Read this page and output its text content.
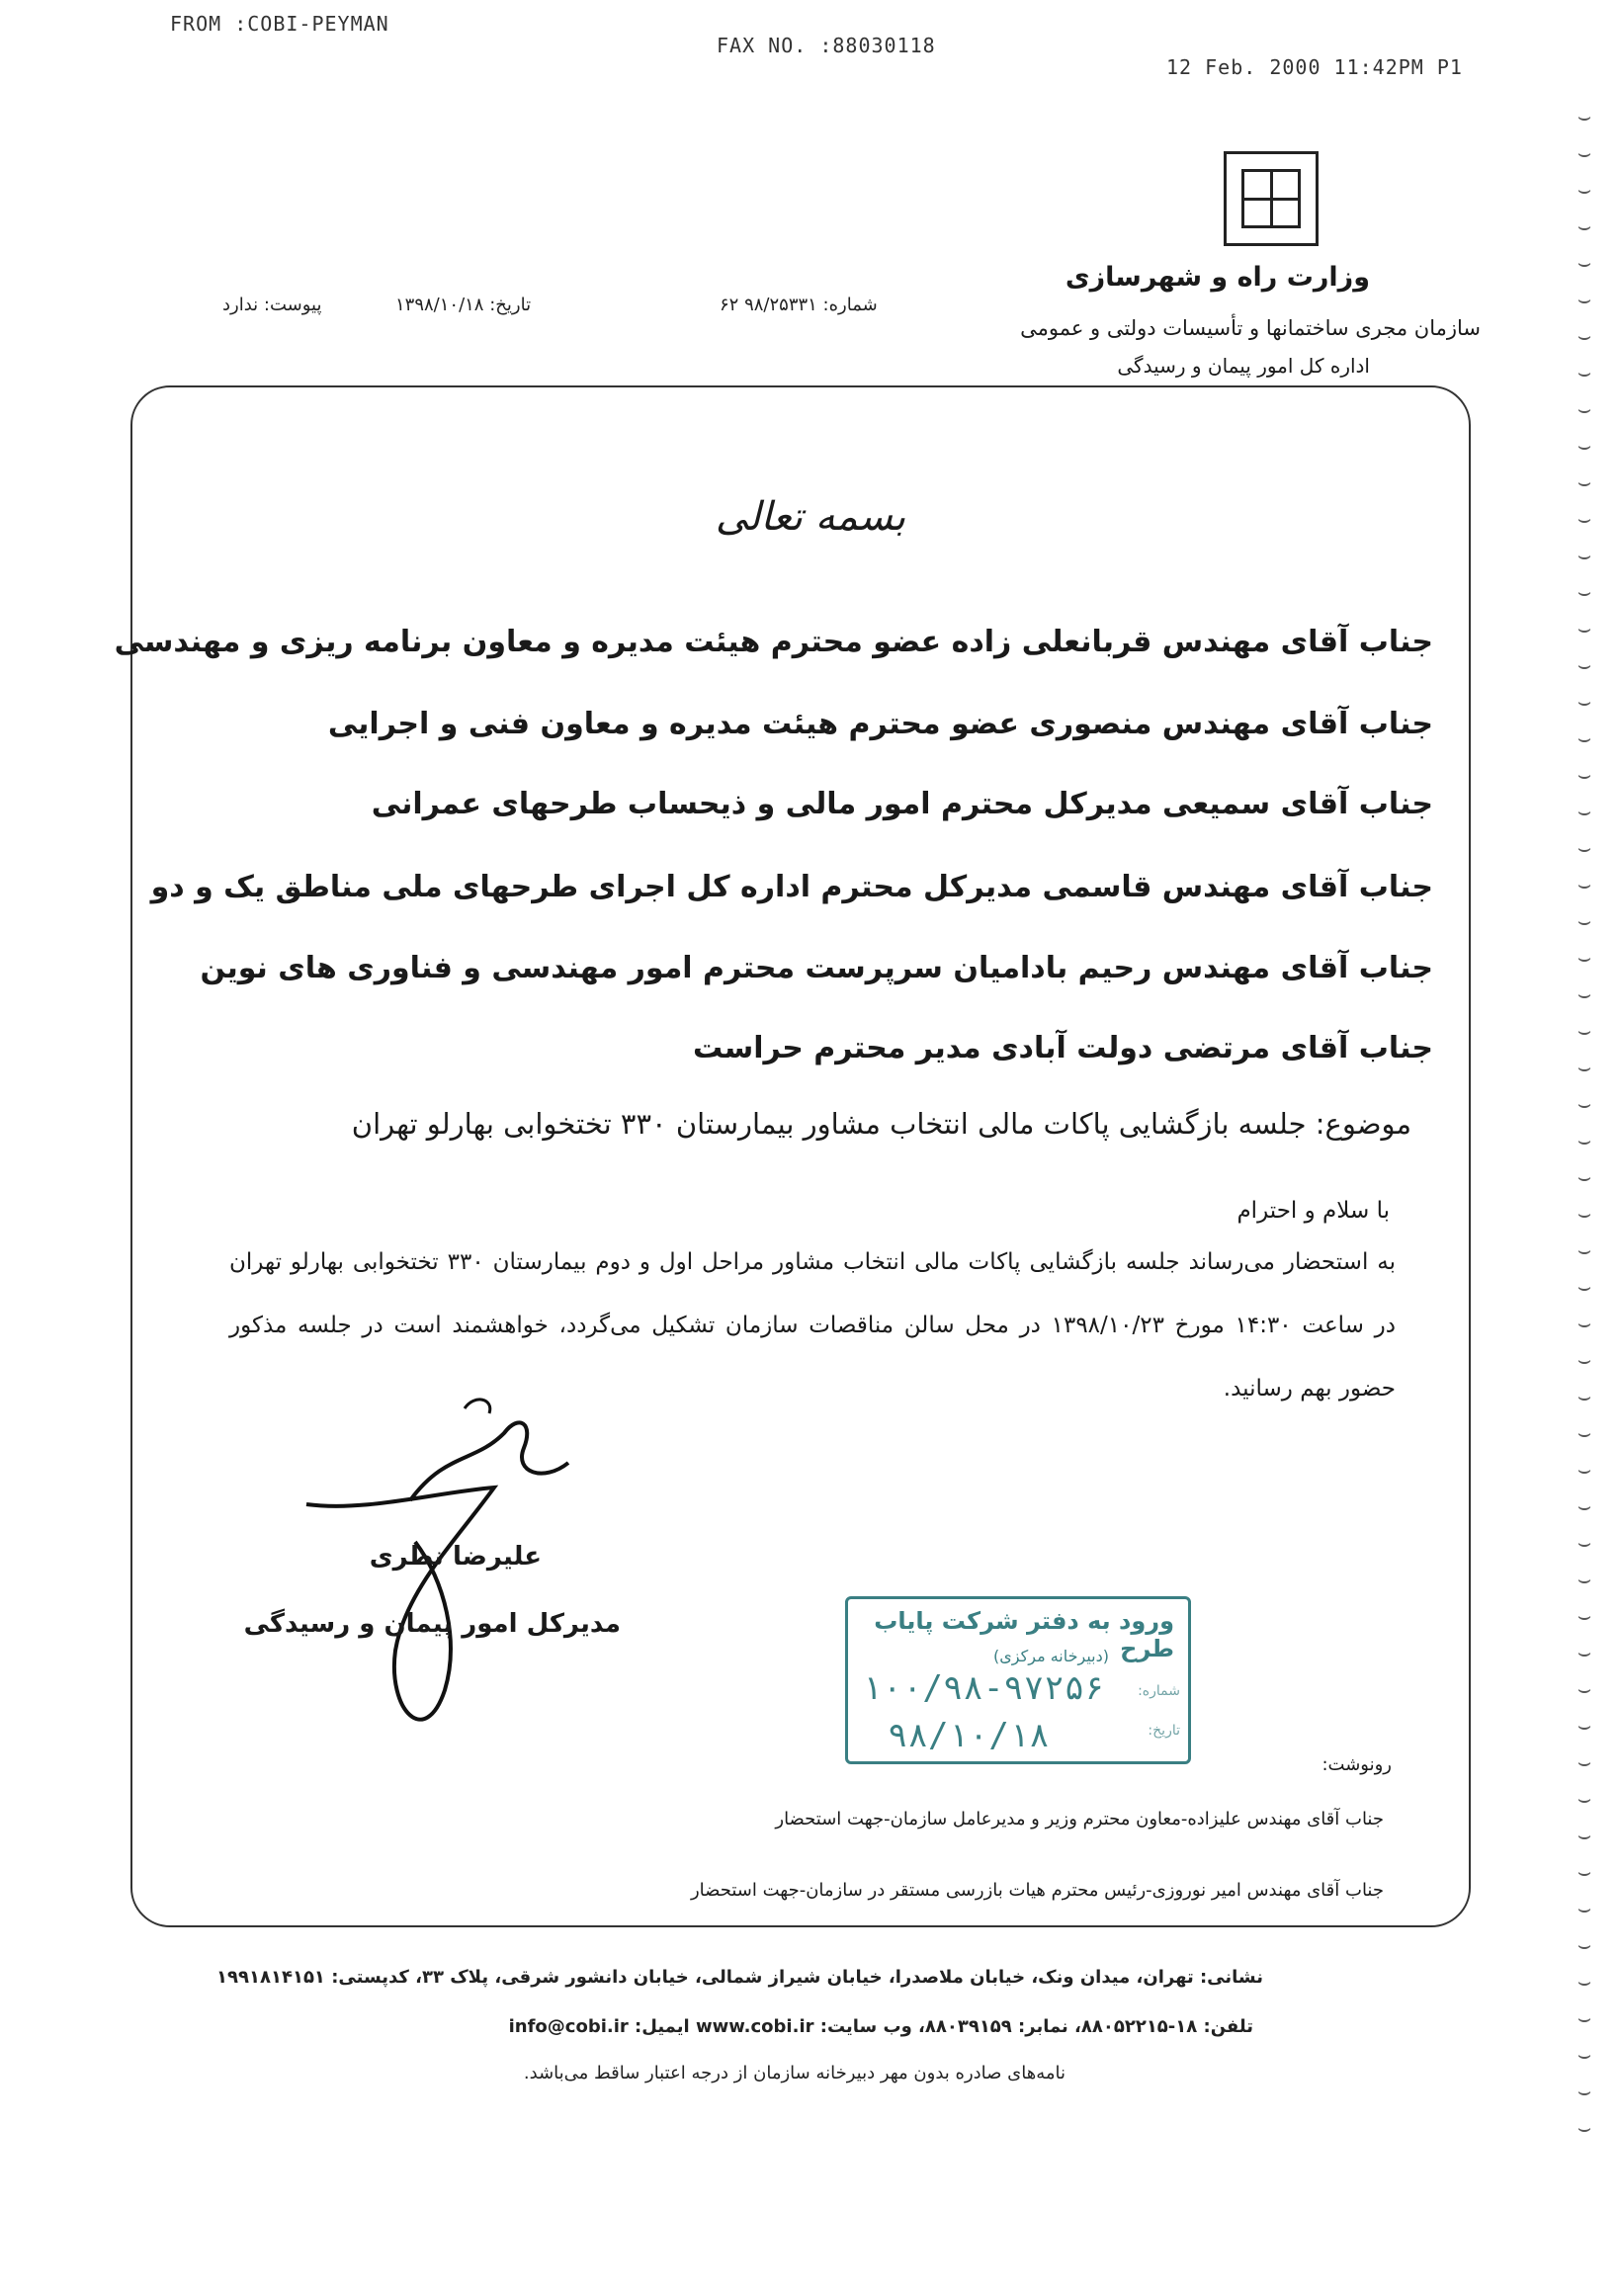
FROM :COBI-PEYMAN
FAX NO. :88030118
12 Feb. 2000 11:42PM P1
⌣
⌣
⌣
⌣
⌣
⌣
⌣
⌣
⌣
⌣
⌣
⌣
⌣
⌣
⌣
⌣
⌣
⌣
⌣
⌣
⌣
⌣
⌣
⌣
⌣
⌣
⌣
⌣
⌣
⌣
⌣
⌣
⌣
⌣
⌣
⌣
⌣
⌣
⌣
⌣
⌣
⌣
⌣
⌣
⌣
⌣
⌣
⌣
⌣
⌣
⌣
⌣
⌣
⌣
⌣
⌣
وزارت راه و شهرسازی
سازمان مجری ساختمانها و تأسیسات دولتی و عمومی
اداره کل امور پیمان و رسیدگی
شماره: ۹۸/۲۵۳۳۱ ۶۲
تاریخ: ۱۳۹۸/۱۰/۱۸
پیوست: ندارد
بسمه تعالی
جناب آقای مهندس قربانعلی زاده عضو محترم هیئت مدیره و معاون برنامه ریزی و مهندسی
جناب آقای مهندس منصوری عضو محترم هیئت مدیره و معاون فنی و اجرایی
جناب آقای سمیعی مدیرکل محترم امور مالی و ذیحساب طرحهای عمرانی
جناب آقای مهندس قاسمی مدیرکل محترم اداره کل اجرای طرحهای ملی مناطق یک و دو
جناب آقای مهندس رحیم بادامیان سرپرست محترم امور مهندسی و فناوری های نوین
جناب آقای مرتضی دولت آبادی مدیر محترم حراست
موضوع: جلسه بازگشایی پاکات مالی انتخاب مشاور بیمارستان ۳۳۰ تختخوابی بهارلو تهران
با سلام و احترام
به استحضار می‌رساند جلسه بازگشایی پاکات مالی انتخاب مشاور مراحل اول و دوم بیمارستان ۳۳۰ تختخوابی بهارلو تهران در ساعت ۱۴:۳۰ مورخ ۱۳۹۸/۱۰/۲۳ در محل سالن مناقصات سازمان تشکیل می‌گردد، خواهشمند است در جلسه مذکور حضور بهم رسانید.
علیرضا نظری
مدیرکل امور پیمان و رسیدگی	ورود به دفتر شرکت پایاب طرح
(دبیرخانه مرکزی)
شماره:
تاریخ:
۱۰۰/۹۸-۹۷۲۵۶
۹۸/۱۰/۱۸
رونوشت:
جناب آقای مهندس علیزاده-معاون محترم وزیر و مدیرعامل سازمان-جهت استحضار
جناب آقای مهندس امیر نوروزی-رئیس محترم هیات بازرسی مستقر در سازمان-جهت استحضار
نشانی: تهران، میدان ونک، خیابان ملاصدرا، خیابان شیراز شمالی، خیابان دانشور شرقی، پلاک ۳۳، کدپستی: ۱۹۹۱۸۱۴۱۵۱
تلفن: ۱۸-۸۸۰۵۲۲۱۵، نمابر: ۸۸۰۳۹۱۵۹، وب سایت: www.cobi.ir ایمیل: info@cobi.ir
نامه‌های صادره بدون مهر دبیرخانه سازمان از درجه اعتبار ساقط می‌باشد.
